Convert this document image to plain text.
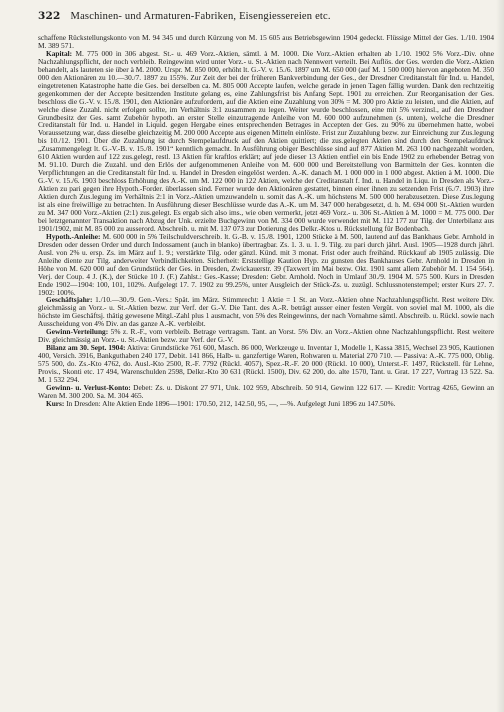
322 Maschinen- und Armaturen-Fabriken, Eisengiessereien etc.

schaffene Rückstellungskonto von M. 94 345 und durch Kürzung von M. 15 605 aus Betriebsgewinn 1904 gedeckt. Flüssige Mittel der Ges. 1./10. 1904 M. 389 571.

Kapital: M. 775 000 in 306 abgest. St.- u. 469 Vorz.-Aktien, sämtl. à M. 1000. Die Vorz.-Aktien erhalten ab 1./10. 1902 5% Vorz.-Div. ohne Nachzahlungspflicht, der noch verbleib. Reingewinn wird unter Vorz.- u. St.-Aktien nach Nennwert verteilt. Bei Auflös. der Ges. werden die Vorz.-Aktien behandelt, als lauteten sie über à M. 2000. Urspr. M. 850 000, erhöht lt. G.-V. v. 15./6. 1897 um M. 650 000 (auf M. 1 500 000) hiervon angeboten M. 350 000 den Aktionären zu 10.—30./7. 1897 zu 155%. Zur Zeit der bei der früheren Bankverbindung der Ges., der Dresdner Creditanstalt für Ind. u. Handel, eingetretenen Katastrophe hatte die Ges. bei derselben ca. M. 805 000 Accepte laufen, welche gerade in jenen Tagen fällig wurden. Dank den rechtzeitig gegenkommen der der Accepte besitzenden Institute gelang es, eine Zahlungsfrist bis Anfang Sept. 1901 zu erreichen. Zur Reorganisation der Ges. beschloss die G.-V. v. 15./8. 1901, den Aktionäre aufzufordern, auf die Aktien eine Zuzahlung von 30% = M. 300 pro Aktie zu leisten, und die Aktien, auf welche diese Zuzahl. nicht erfolgen sollte, im Verhältnis 3:1 zusammen zu legen. Weiter wurde beschlossen, eine mit 5% verzinsl., auf den Dresdner Grundbesitz der Ges. samt Zubehör hypoth. an erster Stelle einzutragende Anleihe von M. 600 000 aufzunehmen (s. unten), welche die Dresdner Creditanstalt für Ind. u. Handel in Liquid. gegen Hergabe eines entsprechenden Betrages in Accepten der Ges. zu 90% zu übernehmen hatte, wobei Voraussetzung war, dass dieselbe gleichzeitig M. 200 000 Accepte aus eigenen Mitteln einlöste. Frist zur Zuzahlung bezw. zur Einreichung zur Zus.legung bis 10./12. 1901. Über die Zuzahlung ist durch Stempelaufdruck auf den Aktien quittiert; die zus.gelegten Aktien sind durch den Stempelaufdruck „Zusammengelegt lt. G.-V.-B. v. 15./8. 1901“ kenntlich gemacht. In Ausführung obiger Beschlüsse sind auf 877 Aktien M. 263 100 nachgezahlt worden, 610 Aktien wurden auf 122 zus.gelegt, restl. 13 Aktien für kraftlos erklärt; auf jede dieser 13 Aktien entfiel ein bis Ende 1902 zu erhebender Betrag von M. 91.10. Durch die Zuzahl. und den Erlös der aufgenommenen Anleihe von M. 600 000 und Bereitstellung von Barmitteln der Ges. konnten die Verpflichtungen an die Creditanstalt für Ind. u. Handel in Dresden eingelöst werden. A.-K. danach M. 1 000 000 in 1 000 abgest. Aktien à M. 1000. Die G.-V. v. 15./6. 1903 beschloss Erhöhung des A.-K. um M. 122 000 in 122 Aktien, welche der Creditanstalt f. Ind. u. Handel in Liqu. in Dresden als Vorz.-Aktien zu pari gegen ihre Hypoth.-Forder. überlassen sind. Ferner wurde den Aktionären gestattet, binnen einer ihnen zu setzenden Frist (6./7. 1903) ihre Aktien durch Zus.legung im Verhältnis 2:1 in Vorz.-Aktien umzuwandeln u. somit das A.-K. um höchstens M. 500 000 herabzusetzen. Diese Zus.legung ist als eine freiwillige zu betrachten. In Ausführung dieser Beschlüsse wurde das A.-K. um M. 347 000 herabgesetzt, d. h. M. 694 000 St.-Aktien wurden zu M. 347 000 Vorz.-Aktien (2:1) zus.gelegt. Es ergab sich also ims., wie oben vermerkt, jetzt 469 Vorz.- u. 306 St.-Aktien à M. 1000 = M. 775 000. Der bei letztgenannter Transaktion nach Abzug der Unk. erzielte Buchgewinn von M. 334 000 wurde verwendet mit M. 112 177 zur Tilg. der Unterbilanz aus 1901/1902, mit M. 85 000 zu ausserord. Abschreib. u. mit M. 137 073 zur Dotierung des Delkr.-Ktos u. Rückstellung für Bodenbach.

Hypoth.-Anleihe: M. 600 000 in 5% Teilschuldverschreib. lt. G.-B. v. 15./8. 1901, 1200 Stücke à M. 500, lautend auf das Bankhaus Gebr. Arnhold in Dresden oder dessen Order und durch Indossament (auch in blanko) übertragbar. Zs. 1. 3. u. 1. 9. Tilg. zu pari durch jährl. Ausl. 1905—1928 durch jährl. Ausl. von 2% u. ersp. Zs. im März auf 1. 9.; verstärkte Tilg. oder gänzl. Künd. mit 3 monat. Frist oder auch freihänd. Rückkauf ab 1905 zulässig. Die Anleihe diente zur Tilg. anderweiter Verbindlichkeiten. Sicherheit: Erststellige Kaution Hyp. zu gunsten des Bankhauses Gebr. Arnhold in Dresden in Höhe von M. 620 000 auf den Grundstück der Ges. in Dresden, Zwickauerstr. 39 (Taxwert im Mai bezw. Okt. 1901 samt allem Zubehör M. 1 154 564). Verj. der Coup. 4 J. (K.), der Stücke 10 J. (F.) Zahlst.: Ges.-Kasse; Dresden: Gebr. Arnhold. Noch in Umlauf 30./9. 1904 M. 575 500. Kurs in Dresden Ende 1902—1904: 100, 101, 102%. Aufgelegt 17. 7. 1902 zu 99.25%, unter Ausgleich der Stück-Zs. u. zuzügl. Schlussnotenstempel; erster Kurs 27. 7. 1902: 100%.

Geschäftsjahr: 1./10.—30./9. Gen.-Vers.: Spät. im März. Stimmrecht: 1 Aktie = 1 St. an Vorz.-Aktien ohne Nachzahlungspflicht. Rest weitere Div. gleichmässig an Vorz.- u. St.-Aktien bezw. zur Verf. der G.-V. Die Tant. des A.-R. beträgt ausser einer festen Vergüt. von soviel mal M. 1000, als die höchste im Geschäftsj. thätig gewesene Mitgl.-Zahl plus 1 ausmacht, von 5% des Reingewinns, der nach Vornahme sämtl. Abschreib. u. Rückl. sowie nach Ausscheidung von 4% Div. an das ganze A.-K. verbleibt.

Gewinn-Verteilung: 5% z. R.-F., vom verbleib. Betrage vertragsm. Tant. an Vorst. 5% Div. an Vorz.-Aktien ohne Nachzahlungspflicht. Rest weitere Div. gleichmässig an Vorz.- u. St.-Aktien bezw. zur Verf. der G.-V.

Bilanz am 30. Sept. 1904: Aktiva: Grundstücke 761 600, Masch. 86 000, Werkzeuge u. Inventar 1, Modelle 1, Kassa 3815, Wechsel 23 905, Kautionen 400, Versich. 3916, Bankguthaben 240 177, Debit. 141 866, Halb- u. ganzfertige Waren, Rohwaren u. Material 270 710. — Passiva: A.-K. 775 000, Oblig. 575 500, do. Zs.-Kto 4762, do. Ausl.-Kto 2500, R.-F. 7792 (Rückl. 4057), Spez.-R.-F. 20 000 (Rückl. 10 000), Unterst.-F. 1497, Rückstell. für Lehne, Provis., Skonti etc. 17 494, Warenschulden 2598, Delkr.-Kto 30 631 (Rückl. 1500), Div. 62 200, do. alte 1570, Tant. u. Grat. 17 227, Vortrag 13 522. Sa. M. 1 532 294.

Gewinn- u. Verlust-Konto: Debet: Zs. u. Diskont 27 971, Unk. 102 959, Abschreib. 50 914, Gewinn 122 617. — Kredit: Vortrag 4265, Gewinn an Waren M. 300 200. Sa. M. 304 465.

Kurs: In Dresden: Alte Aktien Ende 1896—1901: 170.50, 212, 142.50, 95, —, —%. Aufgelegt Juni 1896 zu 147.50%.
